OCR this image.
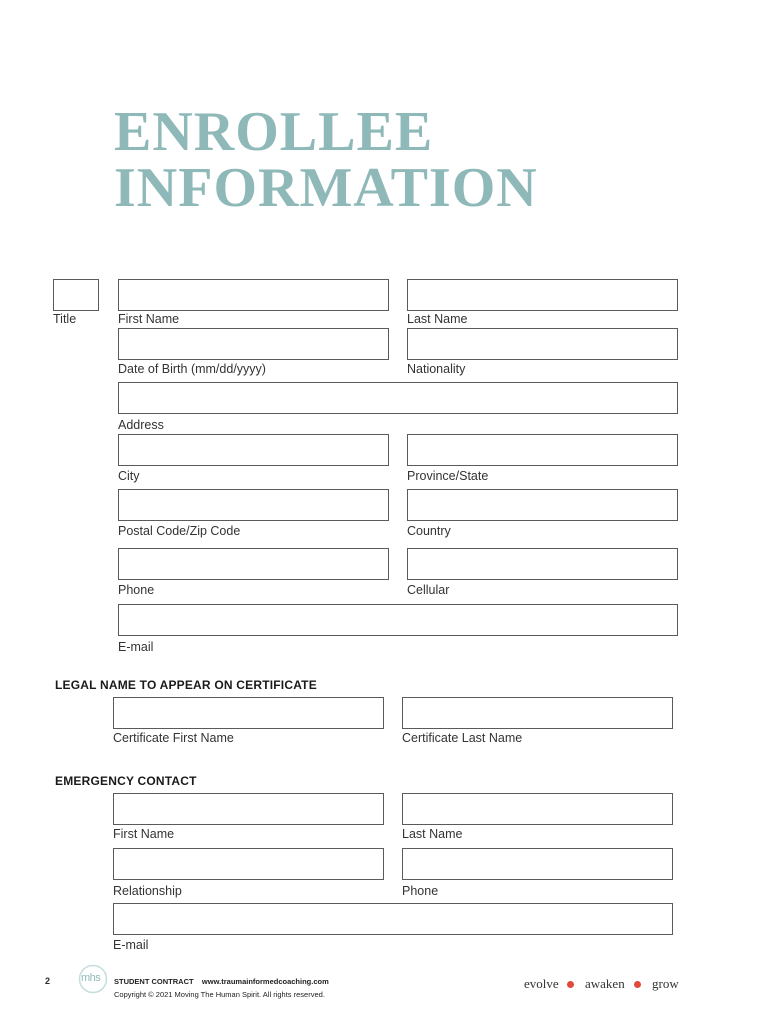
ENROLLEE
INFORMATION
Title	First Name	Last Name
Date of Birth (mm/dd/yyyy)	Nationality
Address
City	Province/State
Postal Code/Zip Code	Country
Phone	Cellular
E-mail
LEGAL NAME TO APPEAR ON CERTIFICATE
Certificate First Name	Certificate Last Name
EMERGENCY CONTACT
First Name	Last Name
Relationship	Phone
E-mail
2	mhs STUDENT CONTRACT www.traumainformedcoaching.com
Copyright © 2021 Moving The Human Spirit. All rights reserved.
evolve awaken grow
